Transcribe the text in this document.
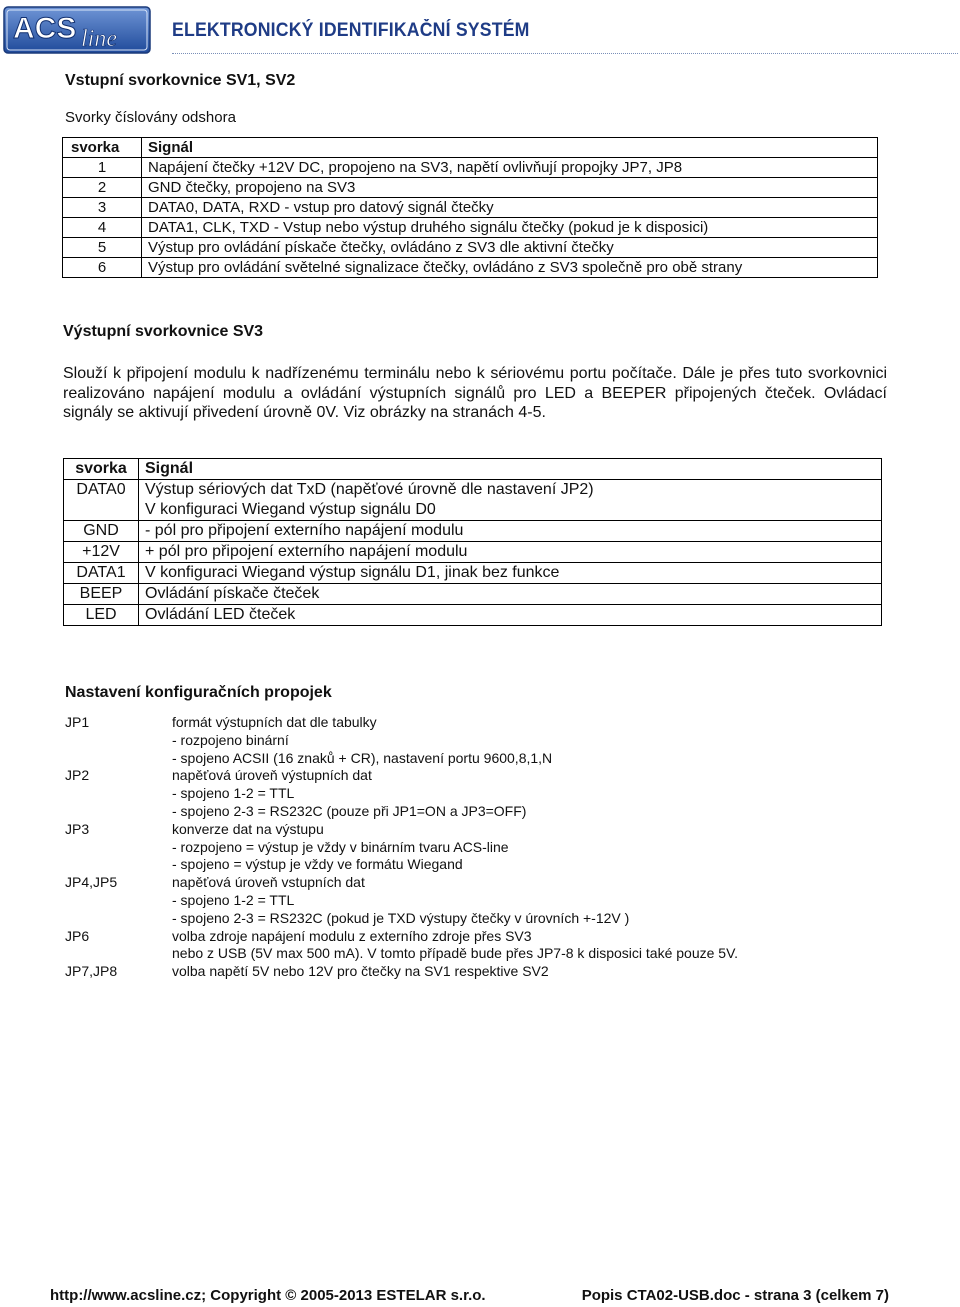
ACS line	ELEKTRONICKÝ IDENTIFIKAČNÍ SYSTÉM
Vstupní svorkovnice SV1, SV2
Svorky číslovány odshora
svorka	Signál
1	Napájení čtečky +12V DC, propojeno na SV3, napětí ovlivňují propojky JP7, JP8
2	GND čtečky, propojeno na SV3
3	DATA0, DATA, RXD - vstup pro datový signál čtečky
4	DATA1, CLK, TXD - Vstup nebo výstup druhého signálu čtečky (pokud je k disposici)
5	Výstup pro ovládání pískače čtečky, ovládáno z SV3 dle aktivní čtečky
6	Výstup pro ovládání světelné signalizace čtečky, ovládáno z SV3 společně pro obě strany
Výstupní svorkovnice SV3

Slouží k připojení modulu k nadřízenému terminálu nebo k sériovému portu počítače. Dále je přes tuto svorkovnici realizováno napájení modulu a ovládání výstupních signálů pro LED a BEEPER připojených čteček. Ovládací signály se aktivují přivedení úrovně 0V. Viz obrázky na stranách 4-5.

svorka	Signál
DATA0	Výstup sériových dat TxD (napěťové úrovně dle nastavení JP2)
V konfiguraci Wiegand výstup signálu D0

GND	- pól pro připojení externího napájení modulu
+12V	+ pól pro připojení externího napájení modulu
DATA1	V konfiguraci Wiegand výstup signálu D1, jinak bez funkce
BEEP	Ovládání pískače čteček
LED	Ovládání LED čteček
Nastavení konfiguračních propojek
JP1	formát výstupních dat dle tabulky
- rozpojeno binární
- spojeno ACSII (16 znaků + CR), nastavení portu 9600,8,1,N
JP2	napěťová úroveň výstupních dat
- spojeno 1-2 = TTL
- spojeno 2-3 = RS232C (pouze při JP1=ON a JP3=OFF)
JP3	konverze dat na výstupu
- rozpojeno = výstup je vždy v binárním tvaru ACS-line
- spojeno = výstup je vždy ve formátu Wiegand
JP4,JP5	napěťová úroveň vstupních dat
- spojeno 1-2 = TTL
- spojeno 2-3 = RS232C (pokud je TXD výstupy čtečky v úrovních +-12V )
JP6	volba zdroje napájení modulu z externího zdroje přes SV3
nebo z USB (5V max 500 mA). V tomto případě bude přes JP7-8 k disposici také pouze 5V.
JP7,JP8	volba napětí 5V nebo 12V pro čtečky na SV1 respektive SV2
http://www.acsline.cz; Copyright © 2005-2013 ESTELAR s.r.o.	Popis CTA02-USB.doc - strana 3 (celkem 7)
